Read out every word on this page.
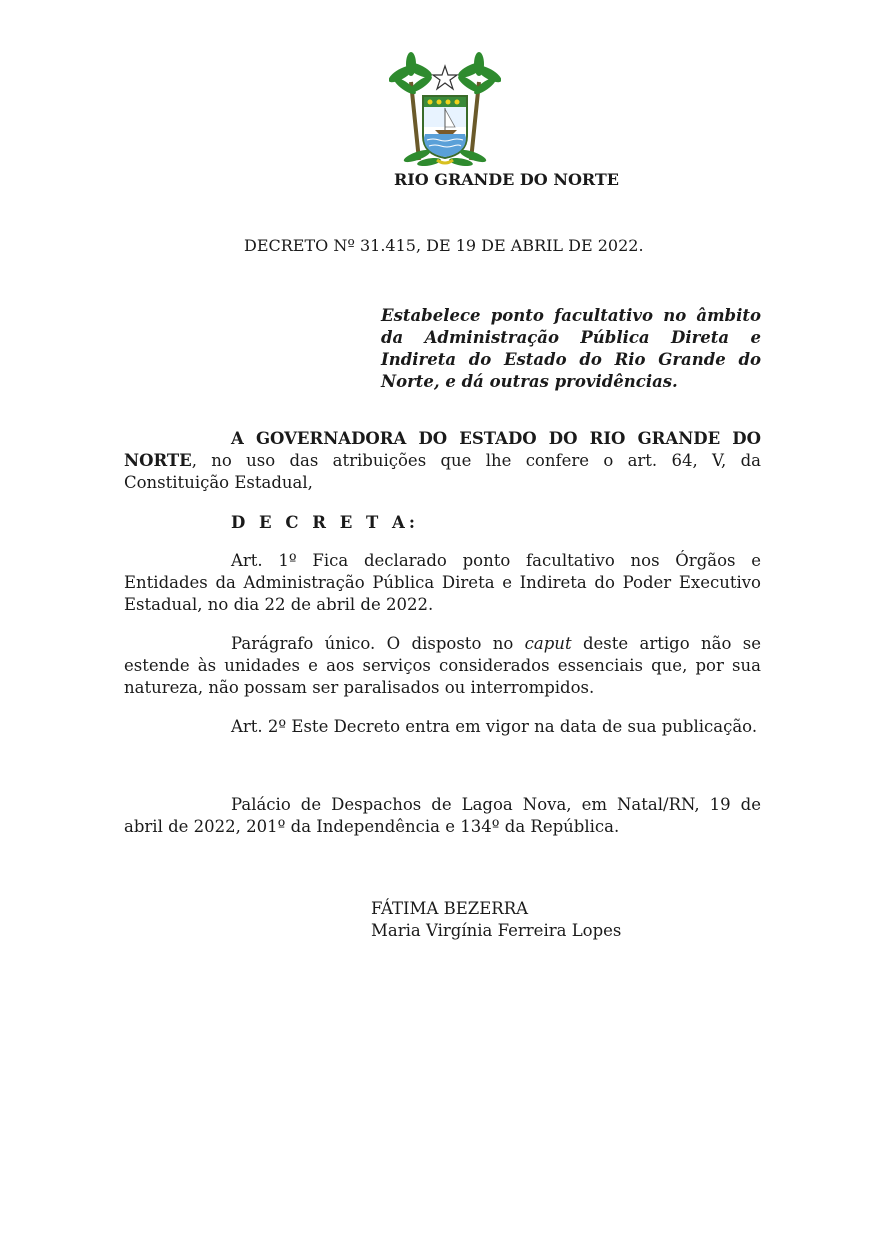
RIO GRANDE DO NORTE
DECRETO Nº 31.415, DE 19 DE ABRIL DE 2022.
Estabelece ponto facultativo no âmbito da Administração Pública Direta e Indireta do Estado do Rio Grande do Norte, e dá outras providências.
A GOVERNADORA DO ESTADO DO RIO GRANDE DO NORTE, no uso das atribuições que lhe confere o art. 64, V, da Constituição Estadual,
D E C R E T A:
Art. 1º Fica declarado ponto facultativo nos Órgãos e Entidades da Administração Pública Direta e Indireta do Poder Executivo Estadual, no dia 22 de abril de 2022.
Parágrafo único. O disposto no caput deste artigo não se estende às unidades e aos serviços considerados essenciais que, por sua natureza, não possam ser paralisados ou interrompidos.
Art. 2º Este Decreto entra em vigor na data de sua publicação.
Palácio de Despachos de Lagoa Nova, em Natal/RN, 19 de abril de 2022, 201º da Independência e 134º da República.
FÁTIMA BEZERRA
Maria Virgínia Ferreira Lopes
